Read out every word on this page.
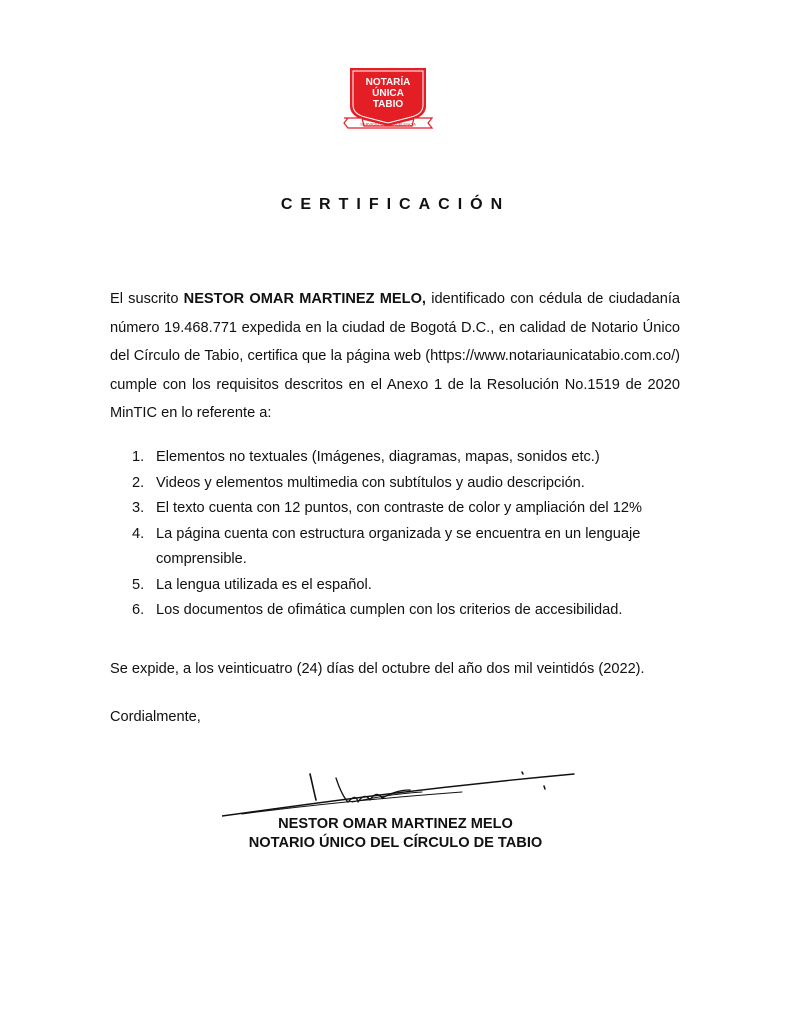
NOTARÍA
ÚNICA
TABIO
SERVICIO CON EXCELENCIA
CERTIFICACIÓN
El suscrito NESTOR OMAR MARTINEZ MELO, identificado con cédula de ciudadanía número 19.468.771 expedida en la ciudad de Bogotá D.C., en calidad de Notario Único del Círculo de Tabio, certifica que la página web (https://www.notariaunicatabio.com.co/) cumple con los requisitos descritos en el Anexo 1 de la Resolución No.1519 de 2020 MinTIC en lo referente a:
1. Elementos no textuales (Imágenes, diagramas, mapas, sonidos etc.)
2. Videos y elementos multimedia con subtítulos y audio descripción.
3. El texto cuenta con 12 puntos, con contraste de color y ampliación del 12%
4. La página cuenta con estructura organizada y se encuentra en un lenguaje comprensible.
5. La lengua utilizada es el español.
6. Los documentos de ofimática cumplen con los criterios de accesibilidad.
Se expide, a los veinticuatro (24) días del octubre del año dos mil veintidós (2022).
Cordialmente,
NESTOR OMAR MARTINEZ MELO
NOTARIO ÚNICO DEL CÍRCULO DE TABIO
